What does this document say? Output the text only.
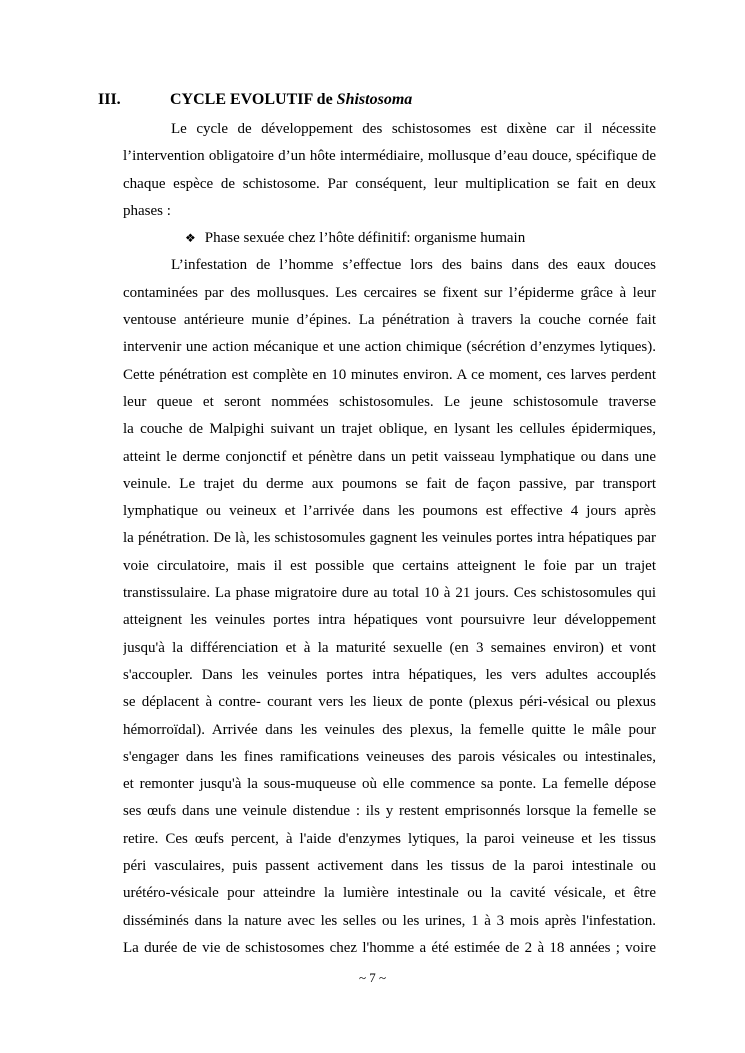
III.	CYCLE EVOLUTIF de Shistosoma
Le cycle de développement des schistosomes est dixène car il nécessite
l’intervention obligatoire d’un hôte intermédiaire, mollusque d’eau douce, spécifique de
chaque espèce de schistosome. Par conséquent, leur multiplication se fait en deux
phases :
❖ Phase sexuée chez l’hôte définitif: organisme humain
L’infestation de l’homme s’effectue lors des bains dans des eaux douces
contaminées par des mollusques. Les cercaires se fixent sur l’épiderme grâce à leur
ventouse antérieure munie d’épines. La pénétration à travers la couche cornée fait
intervenir une action mécanique et une action chimique (sécrétion d’enzymes lytiques).
Cette pénétration est complète en 10 minutes environ. A ce moment, ces larves perdent
leur queue et seront nommées schistosomules. Le jeune schistosomule traverse
la couche de Malpighi suivant un trajet oblique, en lysant les cellules épidermiques,
atteint le derme conjonctif et pénètre dans un petit vaisseau lymphatique ou dans une
veinule. Le trajet du derme aux poumons se fait de façon passive, par transport
lymphatique ou veineux et l’arrivée dans les poumons est effective 4 jours après
la pénétration. De là, les schistosomules gagnent les veinules portes intra hépatiques par
voie circulatoire, mais il est possible que certains atteignent le foie par un trajet
transtissulaire. La phase migratoire dure au total 10 à 21 jours. Ces schistosomules qui
atteignent les veinules portes intra hépatiques vont poursuivre leur développement
jusqu'à la différenciation et à la maturité sexuelle (en 3 semaines environ) et vont
s'accoupler. Dans les veinules portes intra hépatiques, les vers adultes accouplés
se déplacent à contre- courant vers les lieux de ponte (plexus péri-vésical ou plexus
hémorroïdal). Arrivée dans les veinules des plexus, la femelle quitte le mâle pour
s'engager dans les fines ramifications veineuses des parois vésicales ou intestinales,
et remonter jusqu'à la sous-muqueuse où elle commence sa ponte. La femelle dépose
ses œufs dans une veinule distendue : ils y restent emprisonnés lorsque la femelle se
retire. Ces œufs percent, à l'aide d'enzymes lytiques, la paroi veineuse et les tissus
péri vasculaires, puis passent activement dans les tissus de la paroi intestinale ou
urétéro-vésicale pour atteindre la lumière intestinale ou la cavité vésicale, et être
disséminés dans la nature avec les selles ou les urines, 1 à 3 mois après l'infestation.
La durée de vie de schistosomes chez l'homme a été estimée de 2 à 18 années ; voire
~ 7 ~
